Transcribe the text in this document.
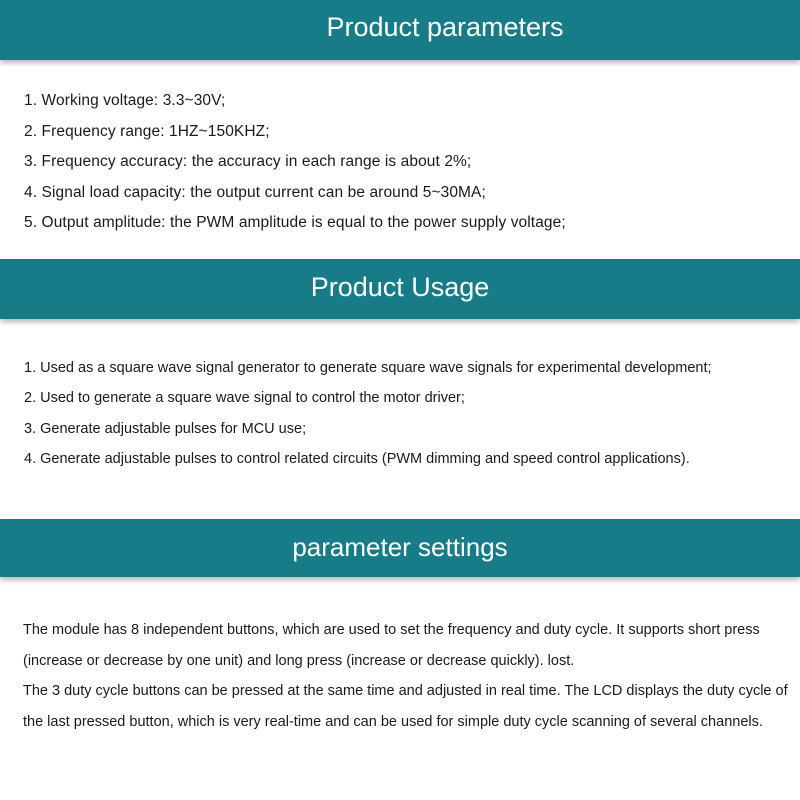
Product parameters
1. Working voltage: 3.3~30V;
2. Frequency range: 1HZ~150KHZ;
3. Frequency accuracy: the accuracy in each range is about 2%;
4. Signal load capacity: the output current can be around 5~30MA;
5. Output amplitude: the PWM amplitude is equal to the power supply voltage;
Product Usage
1. Used as a square wave signal generator to generate square wave signals for experimental development;
2. Used to generate a square wave signal to control the motor driver;
3. Generate adjustable pulses for MCU use;
4. Generate adjustable pulses to control related circuits (PWM dimming and speed control applications).
parameter settings

The module has 8 independent buttons, which are used to set the frequency and duty cycle. It supports short press (increase or decrease by one unit) and long press (increase or decrease quickly). lost.

The 3 duty cycle buttons can be pressed at the same time and adjusted in real time. The LCD displays the duty cycle of the last pressed button, which is very real-time and can be used for simple duty cycle scanning of several channels.
